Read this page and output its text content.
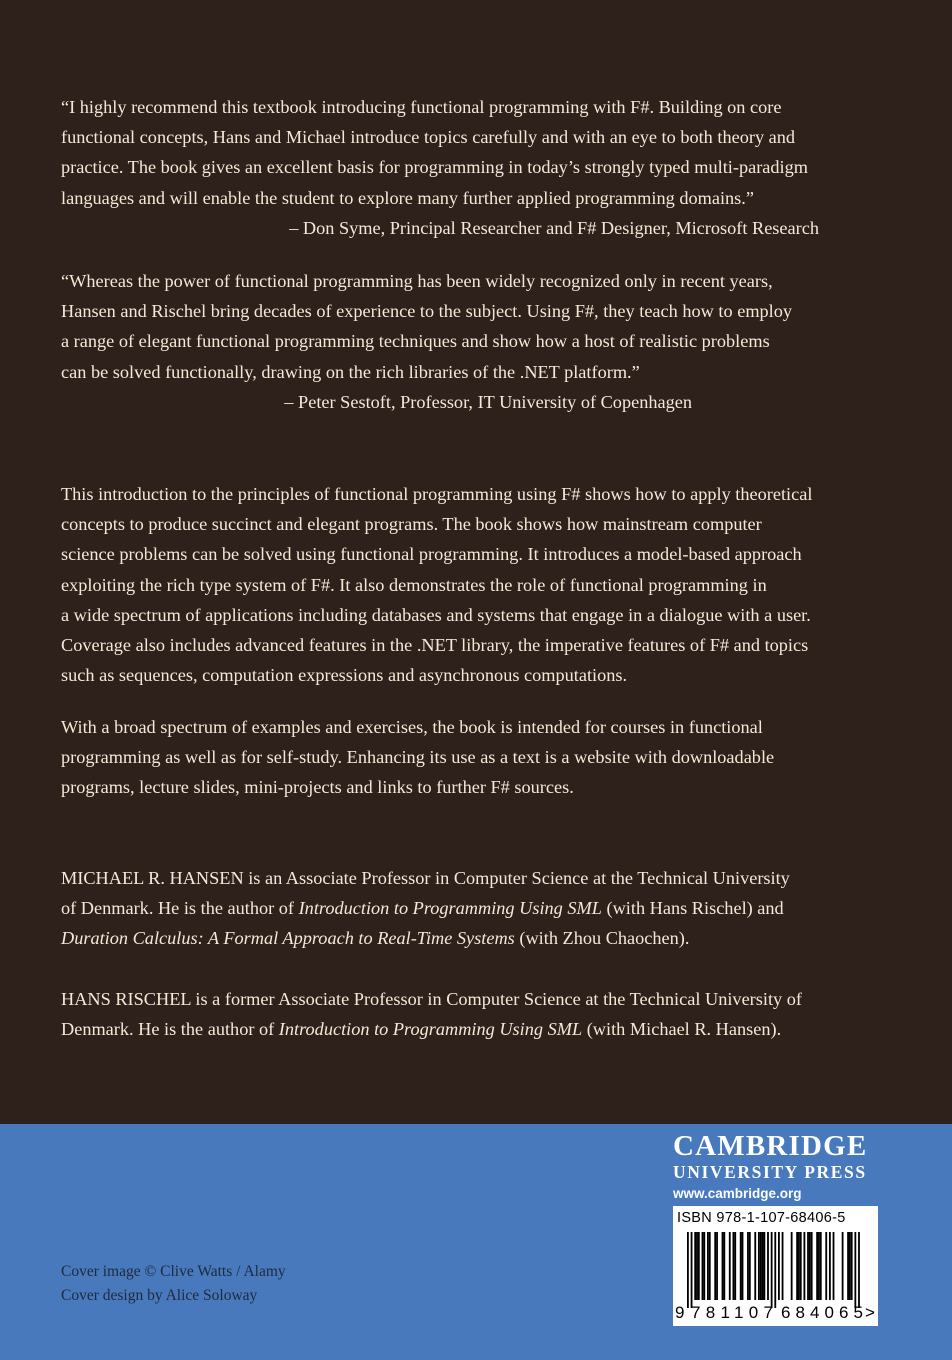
“I highly recommend this textbook introducing functional programming with F#. Building on core
functional concepts, Hans and Michael introduce topics carefully and with an eye to both theory and
practice. The book gives an excellent basis for programming in today’s strongly typed multi-paradigm
languages and will enable the student to explore many further applied programming domains.”
– Don Syme, Principal Researcher and F# Designer, Microsoft Research
“Whereas the power of functional programming has been widely recognized only in recent years,
Hansen and Rischel bring decades of experience to the subject. Using F#, they teach how to employ
a range of elegant functional programming techniques and show how a host of realistic problems
can be solved functionally, drawing on the rich libraries of the .NET platform.”
– Peter Sestoft, Professor, IT University of Copenhagen
This introduction to the principles of functional programming using F# shows how to apply theoretical
concepts to produce succinct and elegant programs. The book shows how mainstream computer
science problems can be solved using functional programming. It introduces a model-based approach
exploiting the rich type system of F#. It also demonstrates the role of functional programming in
a wide spectrum of applications including databases and systems that engage in a dialogue with a user.
Coverage also includes advanced features in the .NET library, the imperative features of F# and topics
such as sequences, computation expressions and asynchronous computations.
With a broad spectrum of examples and exercises, the book is intended for courses in functional
programming as well as for self-study. Enhancing its use as a text is a website with downloadable
programs, lecture slides, mini-projects and links to further F# sources.
MICHAEL R. HANSEN is an Associate Professor in Computer Science at the Technical University
of Denmark. He is the author of Introduction to Programming Using SML (with Hans Rischel) and
Duration Calculus: A Formal Approach to Real-Time Systems (with Zhou Chaochen).
HANS RISCHEL is a former Associate Professor in Computer Science at the Technical University of
Denmark. He is the author of Introduction to Programming Using SML (with Michael R. Hansen).
Cover image © Clive Watts / Alamy
Cover design by Alice Soloway
CAMBRIDGE
UNIVERSITY PRESS
www.cambridge.org
9 781107 684065 >
ISBN 978-1-107-68406-5
